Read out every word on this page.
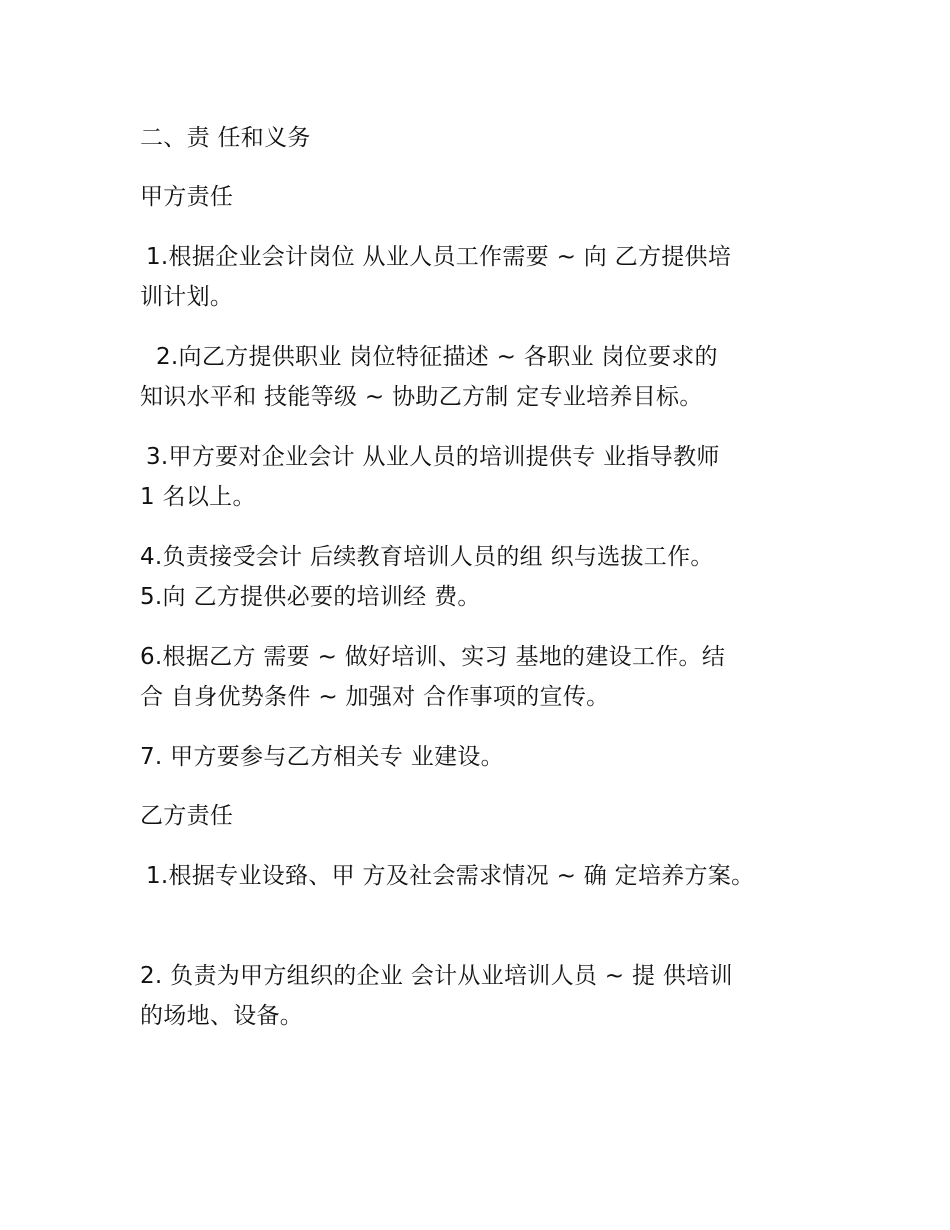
二、责 任和义务
甲方责任
1.根据企业会计岗位 从业人员工作需要 ~ 向 乙方提供培
训计划。
2.向乙方提供职业 岗位特征描述 ~ 各职业 岗位要求的
知识水平和 技能等级 ~ 协助乙方制 定专业培养目标。
3.甲方要对企业会计 从业人员的培训提供专 业指导教师
1 名以上。
4.负责接受会计 后续教育培训人员的组 织与选拔工作。
5.向 乙方提供必要的培训经 费。
6.根据乙方 需要 ~ 做好培训、实习 基地的建设工作。结
合 自身优势条件 ~ 加强对 合作事项的宣传。
7. 甲方要参与乙方相关专 业建设。
乙方责任
1.根据专业设臵、甲 方及社会需求情况 ~ 确 定培养方案。
2. 负责为甲方组织的企业 会计从业培训人员 ~ 提 供培训
的场地、设备。
